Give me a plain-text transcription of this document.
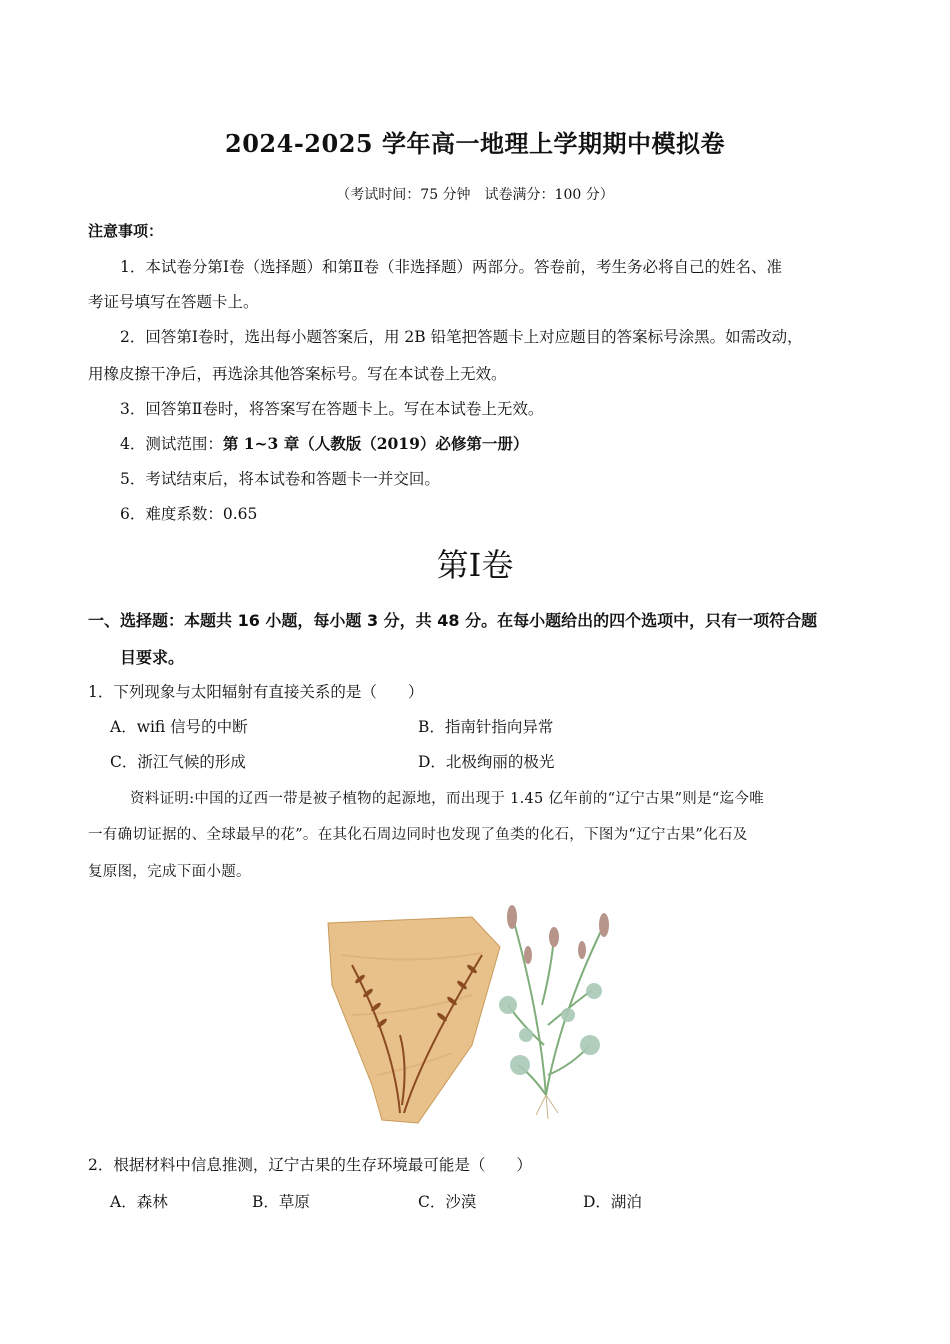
2024-2025 学年高一地理上学期期中模拟卷
（考试时间：75 分钟　试卷满分：100 分）
注意事项：
1．本试卷分第Ⅰ卷（选择题）和第Ⅱ卷（非选择题）两部分。答卷前，考生务必将自己的姓名、准
考证号填写在答题卡上。
2．回答第Ⅰ卷时，选出每小题答案后，用 2B 铅笔把答题卡上对应题目的答案标号涂黑。如需改动，
用橡皮擦干净后，再选涂其他答案标号。写在本试卷上无效。
3．回答第Ⅱ卷时，将答案写在答题卡上。写在本试卷上无效。
4．测试范围：第 1~3 章（人教版（2019）必修第一册）
5．考试结束后，将本试卷和答题卡一并交回。
6．难度系数：0.65
第Ⅰ卷
一、选择题：本题共 16 小题，每小题 3 分，共 48 分。在每小题给出的四个选项中，只有一项符合题
目要求。
1．下列现象与太阳辐射有直接关系的是（　　）
A．wifi 信号的中断	B．指南针指向异常
C．浙江气候的形成	D．北极绚丽的极光
资料证明:中国的辽西一带是被子植物的起源地，而出现于 1.45 亿年前的“辽宁古果”则是“迄今唯
一有确切证据的、全球最早的花”。在其化石周边同时也发现了鱼类的化石，下图为“辽宁古果”化石及
复原图，完成下面小题。
2．根据材料中信息推测，辽宁古果的生存环境最可能是（　　）
A．森林	B．草原	C．沙漠	D．湖泊
